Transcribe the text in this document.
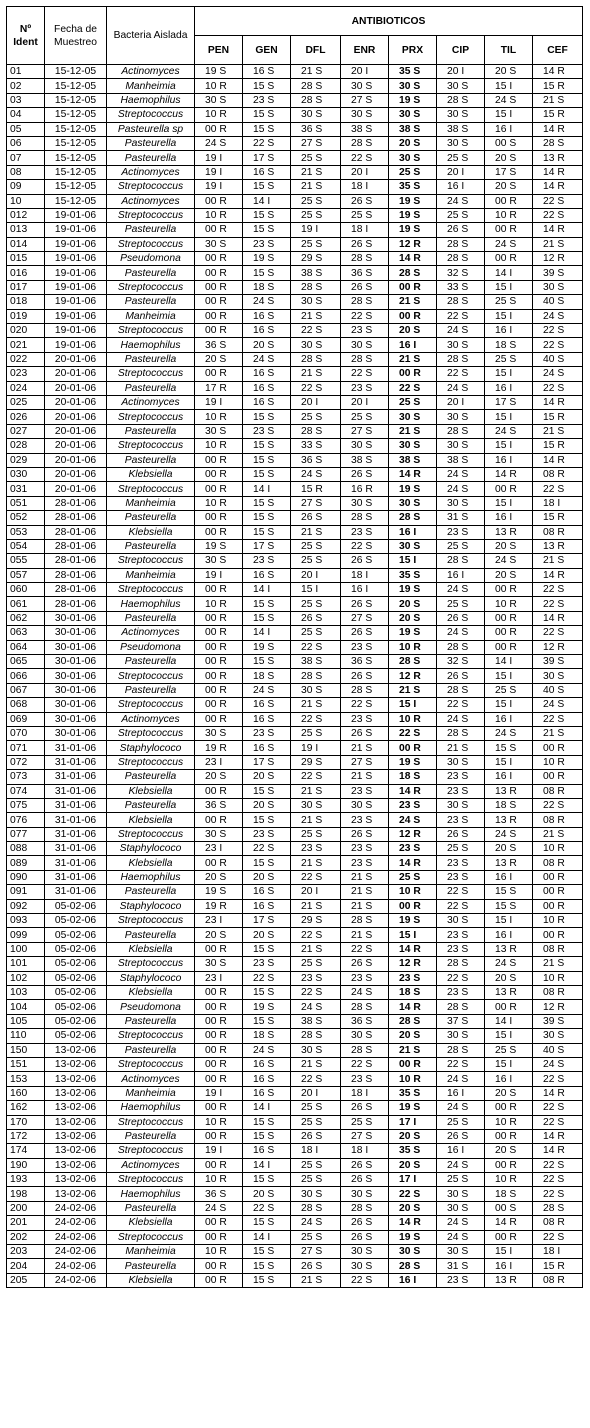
Nº Ident	Fecha de Muestreo	Bacteria Aislada	ANTIBIOTICOS							
			PEN	GEN	DFL	ENR	PRX	CIP	TIL	CEF
01	15-12-05	Actinomyces	19 S	16 S	21 S	20 I	35 S	20 I	20 S	14 R
02	15-12-05	Manheimia	10 R	15 S	28 S	30 S	30 S	30 S	15 I	15 R
03	15-12-05	Haemophilus	30 S	23 S	28 S	27 S	19 S	28 S	24 S	21 S
04	15-12-05	Streptococcus	10 R	15 S	30 S	30 S	30 S	30 S	15 I	15 R
05	15-12-05	Pasteurella sp	00 R	15 S	36 S	38 S	38 S	38 S	16 I	14 R
06	15-12-05	Pasteurella	24 S	22 S	27 S	28 S	20 S	30 S	00 S	28 S
07	15-12-05	Pasteurella	19 I	17 S	25 S	22 S	30 S	25 S	20 S	13 R
08	15-12-05	Actinomyces	19 I	16 S	21 S	20 I	25 S	20 I	17 S	14 R
09	15-12-05	Streptococcus	19 I	15 S	21 S	18 I	35 S	16 I	20 S	14 R
10	15-12-05	Actinomyces	00 R	14 I	25 S	26 S	19 S	24 S	00 R	22 S
012	19-01-06	Streptococcus	10 R	15 S	25 S	25 S	19 S	25 S	10 R	22 S
013	19-01-06	Pasteurella	00 R	15 S	19 I	18 I	19 S	26 S	00 R	14 R
014	19-01-06	Streptococcus	30 S	23 S	25 S	26 S	12 R	28 S	24 S	21 S
015	19-01-06	Pseudomona	00 R	19 S	29 S	28 S	14 R	28 S	00 R	12 R
016	19-01-06	Pasteurella	00 R	15 S	38 S	36 S	28 S	32 S	14 I	39 S
017	19-01-06	Streptococcus	00 R	18 S	28 S	26 S	00 R	33 S	15 I	30 S
018	19-01-06	Pasteurella	00 R	24 S	30 S	28 S	21 S	28 S	25 S	40 S
019	19-01-06	Manheimia	00 R	16 S	21 S	22 S	00 R	22 S	15 I	24 S
020	19-01-06	Streptococcus	00 R	16 S	22 S	23 S	20 S	24 S	16 I	22 S
021	19-01-06	Haemophilus	36 S	20 S	30 S	30 S	16 I	30 S	18 S	22 S
022	20-01-06	Pasteurella	20 S	24 S	28 S	28 S	21 S	28 S	25 S	40 S
023	20-01-06	Streptococcus	00 R	16 S	21 S	22 S	00 R	22 S	15 I	24 S
024	20-01-06	Pasteurella	17 R	16 S	22 S	23 S	22 S	24 S	16 I	22 S
025	20-01-06	Actinomyces	19 I	16 S	20 I	20 I	25 S	20 I	17 S	14 R
026	20-01-06	Streptococcus	10 R	15 S	25 S	25 S	30 S	30 S	15 I	15 R
027	20-01-06	Pasteurella	30 S	23 S	28 S	27 S	21 S	28 S	24 S	21 S
028	20-01-06	Streptococcus	10 R	15 S	33 S	30 S	30 S	30 S	15 I	15 R
029	20-01-06	Pasteurella	00 R	15 S	36 S	38 S	38 S	38 S	16 I	14 R
030	20-01-06	Klebsiella	00 R	15 S	24 S	26 S	14 R	24 S	14 R	08 R
031	20-01-06	Streptococcus	00 R	14 I	15 R	16 R	19 S	24 S	00 R	22 S
051	28-01-06	Manheimia	10 R	15 S	27 S	30 S	30 S	30 S	15 I	18 I
052	28-01-06	Pasteurella	00 R	15 S	26 S	28 S	28 S	31 S	16 I	15 R
053	28-01-06	Klebsiella	00 R	15 S	21 S	23 S	16 I	23 S	13 R	08 R
054	28-01-06	Pasteurella	19 S	17 S	25 S	22 S	30 S	25 S	20 S	13 R
055	28-01-06	Streptococcus	30 S	23 S	25 S	26 S	15 I	28 S	24 S	21 S
057	28-01-06	Manheimia	19 I	16 S	20 I	18 I	35 S	16 I	20 S	14 R
060	28-01-06	Streptococcus	00 R	14 I	15 I	16 I	19 S	24 S	00 R	22 S
061	28-01-06	Haemophilus	10 R	15 S	25 S	26 S	20 S	25 S	10 R	22 S
062	30-01-06	Pasteurella	00 R	15 S	26 S	27 S	20 S	26 S	00 R	14 R
063	30-01-06	Actinomyces	00 R	14 I	25 S	26 S	19 S	24 S	00 R	22 S
064	30-01-06	Pseudomona	00 R	19 S	22 S	23 S	10 R	28 S	00 R	12 R
065	30-01-06	Pasteurella	00 R	15 S	38 S	36 S	28 S	32 S	14 I	39 S
066	30-01-06	Streptococcus	00 R	18 S	28 S	26 S	12 R	26 S	15 I	30 S
067	30-01-06	Pasteurella	00 R	24 S	30 S	28 S	21 S	28 S	25 S	40 S
068	30-01-06	Streptococcus	00 R	16 S	21 S	22 S	15 I	22 S	15 I	24 S
069	30-01-06	Actinomyces	00 R	16 S	22 S	23 S	10 R	24 S	16 I	22 S
070	30-01-06	Streptococcus	30 S	23 S	25 S	26 S	22 S	28 S	24 S	21 S
071	31-01-06	Staphylococo	19 R	16 S	19 I	21 S	00 R	21 S	15 S	00 R
072	31-01-06	Streptococcus	23 I	17 S	29 S	27 S	19 S	30 S	15 I	10 R
073	31-01-06	Pasteurella	20 S	20 S	22 S	21 S	18 S	23 S	16 I	00 R
074	31-01-06	Klebsiella	00 R	15 S	21 S	23 S	14 R	23 S	13 R	08 R
075	31-01-06	Pasteurella	36 S	20 S	30 S	30 S	23 S	30 S	18 S	22 S
076	31-01-06	Klebsiella	00 R	15 S	21 S	23 S	24 S	23 S	13 R	08 R
077	31-01-06	Streptococcus	30 S	23 S	25 S	26 S	12 R	26 S	24 S	21 S
088	31-01-06	Staphylococo	23 I	22 S	23 S	23 S	23 S	25 S	20 S	10 R
089	31-01-06	Klebsiella	00 R	15 S	21 S	23 S	14 R	23 S	13 R	08 R
090	31-01-06	Haemophilus	20 S	20 S	22 S	21 S	25 S	23 S	16 I	00 R
091	31-01-06	Pasteurella	19 S	16 S	20 I	21 S	10 R	22 S	15 S	00 R
092	05-02-06	Staphylococo	19 R	16 S	21 S	21 S	00 R	22 S	15 S	00 R
093	05-02-06	Streptococcus	23 I	17 S	29 S	28 S	19 S	30 S	15 I	10 R
099	05-02-06	Pasteurella	20 S	20 S	22 S	21 S	15 I	23 S	16 I	00 R
100	05-02-06	Klebsiella	00 R	15 S	21 S	22 S	14 R	23 S	13 R	08 R
101	05-02-06	Streptococcus	30 S	23 S	25 S	26 S	12 R	28 S	24 S	21 S
102	05-02-06	Staphylococo	23 I	22 S	23 S	23 S	23 S	22 S	20 S	10 R
103	05-02-06	Klebsiella	00 R	15 S	22 S	24 S	18 S	23 S	13 R	08 R
104	05-02-06	Pseudomona	00 R	19 S	24 S	28 S	14 R	28 S	00 R	12 R
105	05-02-06	Pasteurella	00 R	15 S	38 S	36 S	28 S	37 S	14 I	39 S
110	05-02-06	Streptococcus	00 R	18 S	28 S	30 S	20 S	30 S	15 I	30 S
150	13-02-06	Pasteurella	00 R	24 S	30 S	28 S	21 S	28 S	25 S	40 S
151	13-02-06	Streptococcus	00 R	16 S	21 S	22 S	00 R	22 S	15 I	24 S
153	13-02-06	Actinomyces	00 R	16 S	22 S	23 S	10 R	24 S	16 I	22 S
160	13-02-06	Manheimia	19 I	16 S	20 I	18 I	35 S	16 I	20 S	14 R
162	13-02-06	Haemophilus	00 R	14 I	25 S	26 S	19 S	24 S	00 R	22 S
170	13-02-06	Streptococcus	10 R	15 S	25 S	25 S	17 I	25 S	10 R	22 S
172	13-02-06	Pasteurella	00 R	15 S	26 S	27 S	20 S	26 S	00 R	14 R
174	13-02-06	Streptococcus	19 I	16 S	18 I	18 I	35 S	16 I	20 S	14 R
190	13-02-06	Actinomyces	00 R	14 I	25 S	26 S	20 S	24 S	00 R	22 S
193	13-02-06	Streptococcus	10 R	15 S	25 S	26 S	17 I	25 S	10 R	22 S
198	13-02-06	Haemophilus	36 S	20 S	30 S	30 S	22 S	30 S	18 S	22 S
200	24-02-06	Pasteurella	24 S	22 S	28 S	28 S	20 S	30 S	00 S	28 S
201	24-02-06	Klebsiella	00 R	15 S	24 S	26 S	14 R	24 S	14 R	08 R
202	24-02-06	Streptococcus	00 R	14 I	25 S	26 S	19 S	24 S	00 R	22 S
203	24-02-06	Manheimia	10 R	15 S	27 S	30 S	30 S	30 S	15 I	18 I
204	24-02-06	Pasteurella	00 R	15 S	26 S	30 S	28 S	31 S	16 I	15 R
205	24-02-06	Klebsiella	00 R	15 S	21 S	22 S	16 I	23 S	13 R	08 R
